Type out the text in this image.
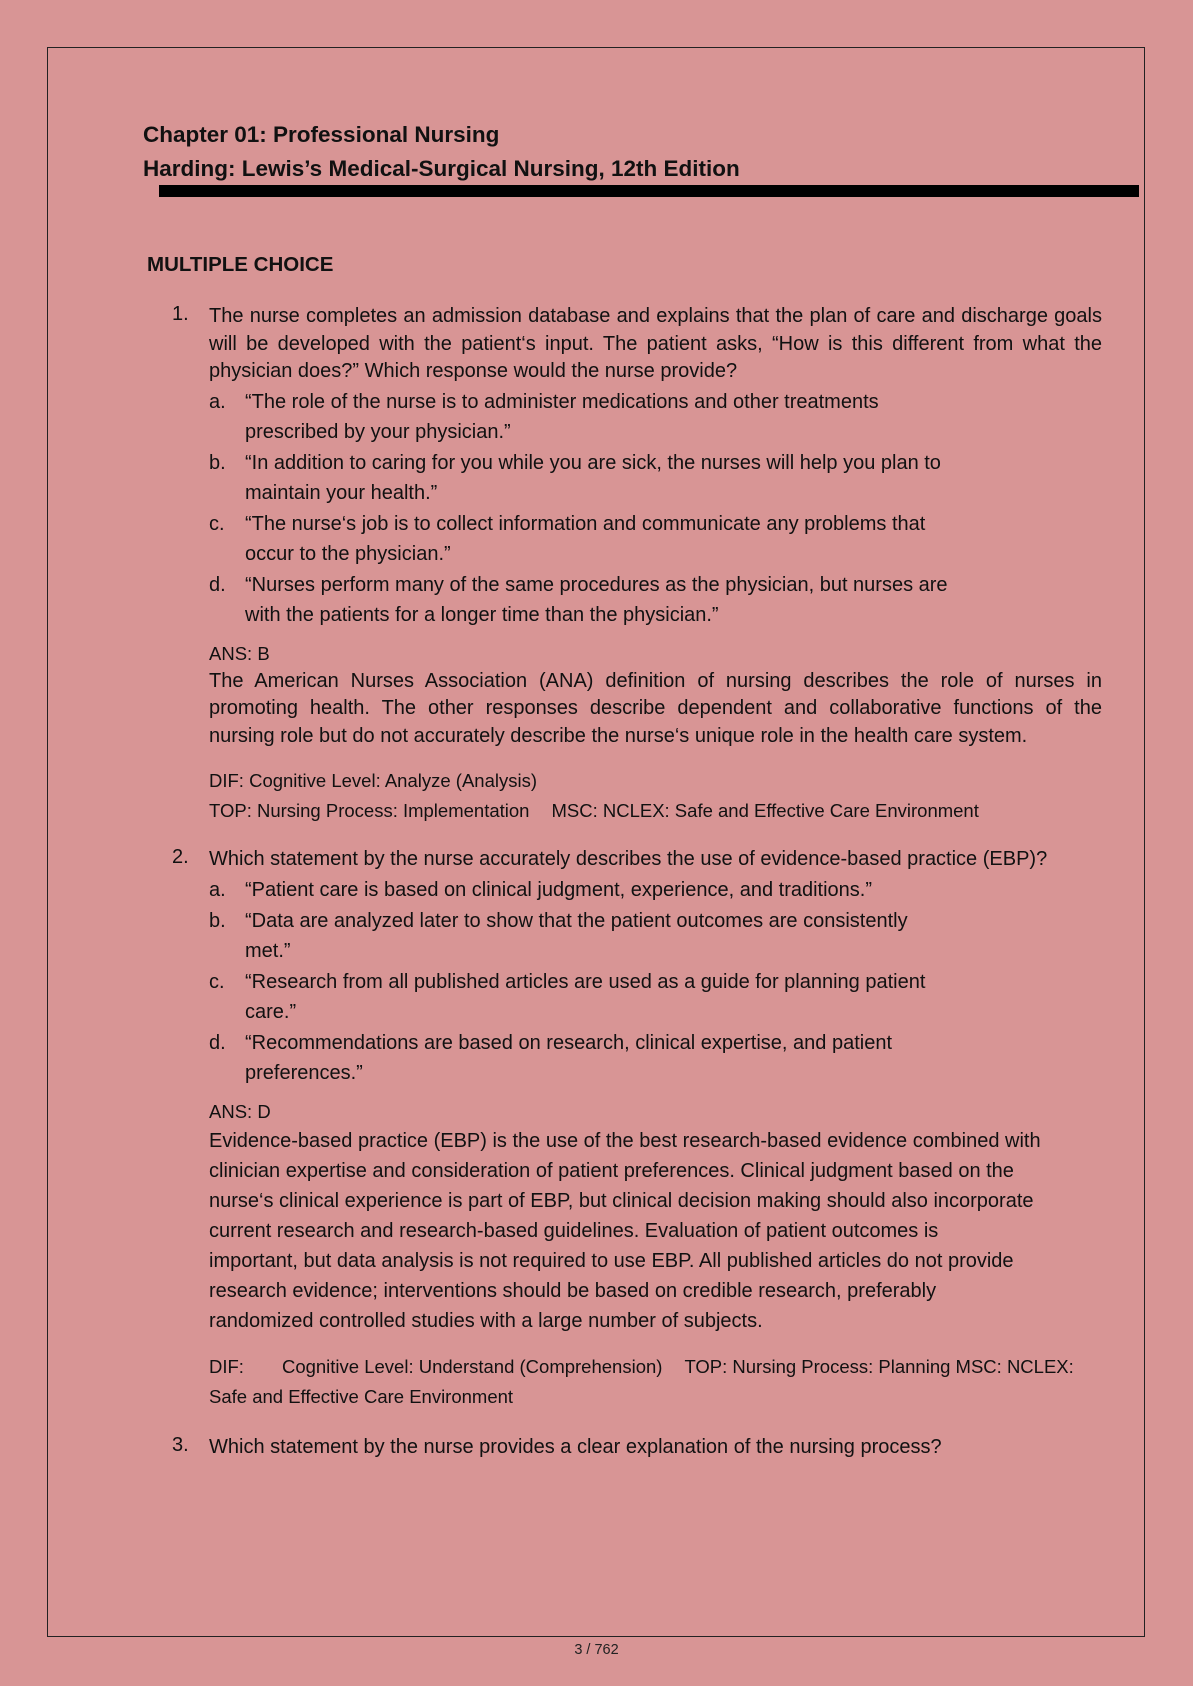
Chapter 01: Professional Nursing
Harding: Lewis’s Medical-Surgical Nursing, 12th Edition
MULTIPLE CHOICE
1. The nurse completes an admission database and explains that the plan of care and discharge goals will be developed with the patient‘s input. The patient asks, “How is this different from what the physician does?” Which response would the nurse provide?
a. “The role of the nurse is to administer medications and other treatments
prescribed by your physician.”
b. “In addition to caring for you while you are sick, the nurses will help you plan to
maintain your health.”
c. “The nurse‘s job is to collect information and communicate any problems that
occur to the physician.”
d. “Nurses perform many of the same procedures as the physician, but nurses are
with the patients for a longer time than the physician.”
ANS: B
The American Nurses Association (ANA) definition of nursing describes the role of nurses in promoting health. The other responses describe dependent and collaborative functions of the nursing role but do not accurately describe the nurse‘s unique role in the health care system.
DIF: Cognitive Level: Analyze (Analysis)
TOP: Nursing Process: Implementation MSC: NCLEX: Safe and Effective Care Environment
2. Which statement by the nurse accurately describes the use of evidence-based practice (EBP)?
a. “Patient care is based on clinical judgment, experience, and traditions.”
b. “Data are analyzed later to show that the patient outcomes are consistently
met.”
c. “Research from all published articles are used as a guide for planning patient
care.”
d. “Recommendations are based on research, clinical expertise, and patient
preferences.”
ANS: D
Evidence-based practice (EBP) is the use of the best research-based evidence combined with
clinician expertise and consideration of patient preferences. Clinical judgment based on the
nurse‘s clinical experience is part of EBP, but clinical decision making should also incorporate
current research and research-based guidelines. Evaluation of patient outcomes is
important, but data analysis is not required to use EBP. All published articles do not provide
research evidence; interventions should be based on credible research, preferably
randomized controlled studies with a large number of subjects.
DIF: Cognitive Level: Understand (Comprehension) TOP: Nursing Process: Planning MSC: NCLEX:
Safe and Effective Care Environment
3. Which statement by the nurse provides a clear explanation of the nursing process?
3 / 762
